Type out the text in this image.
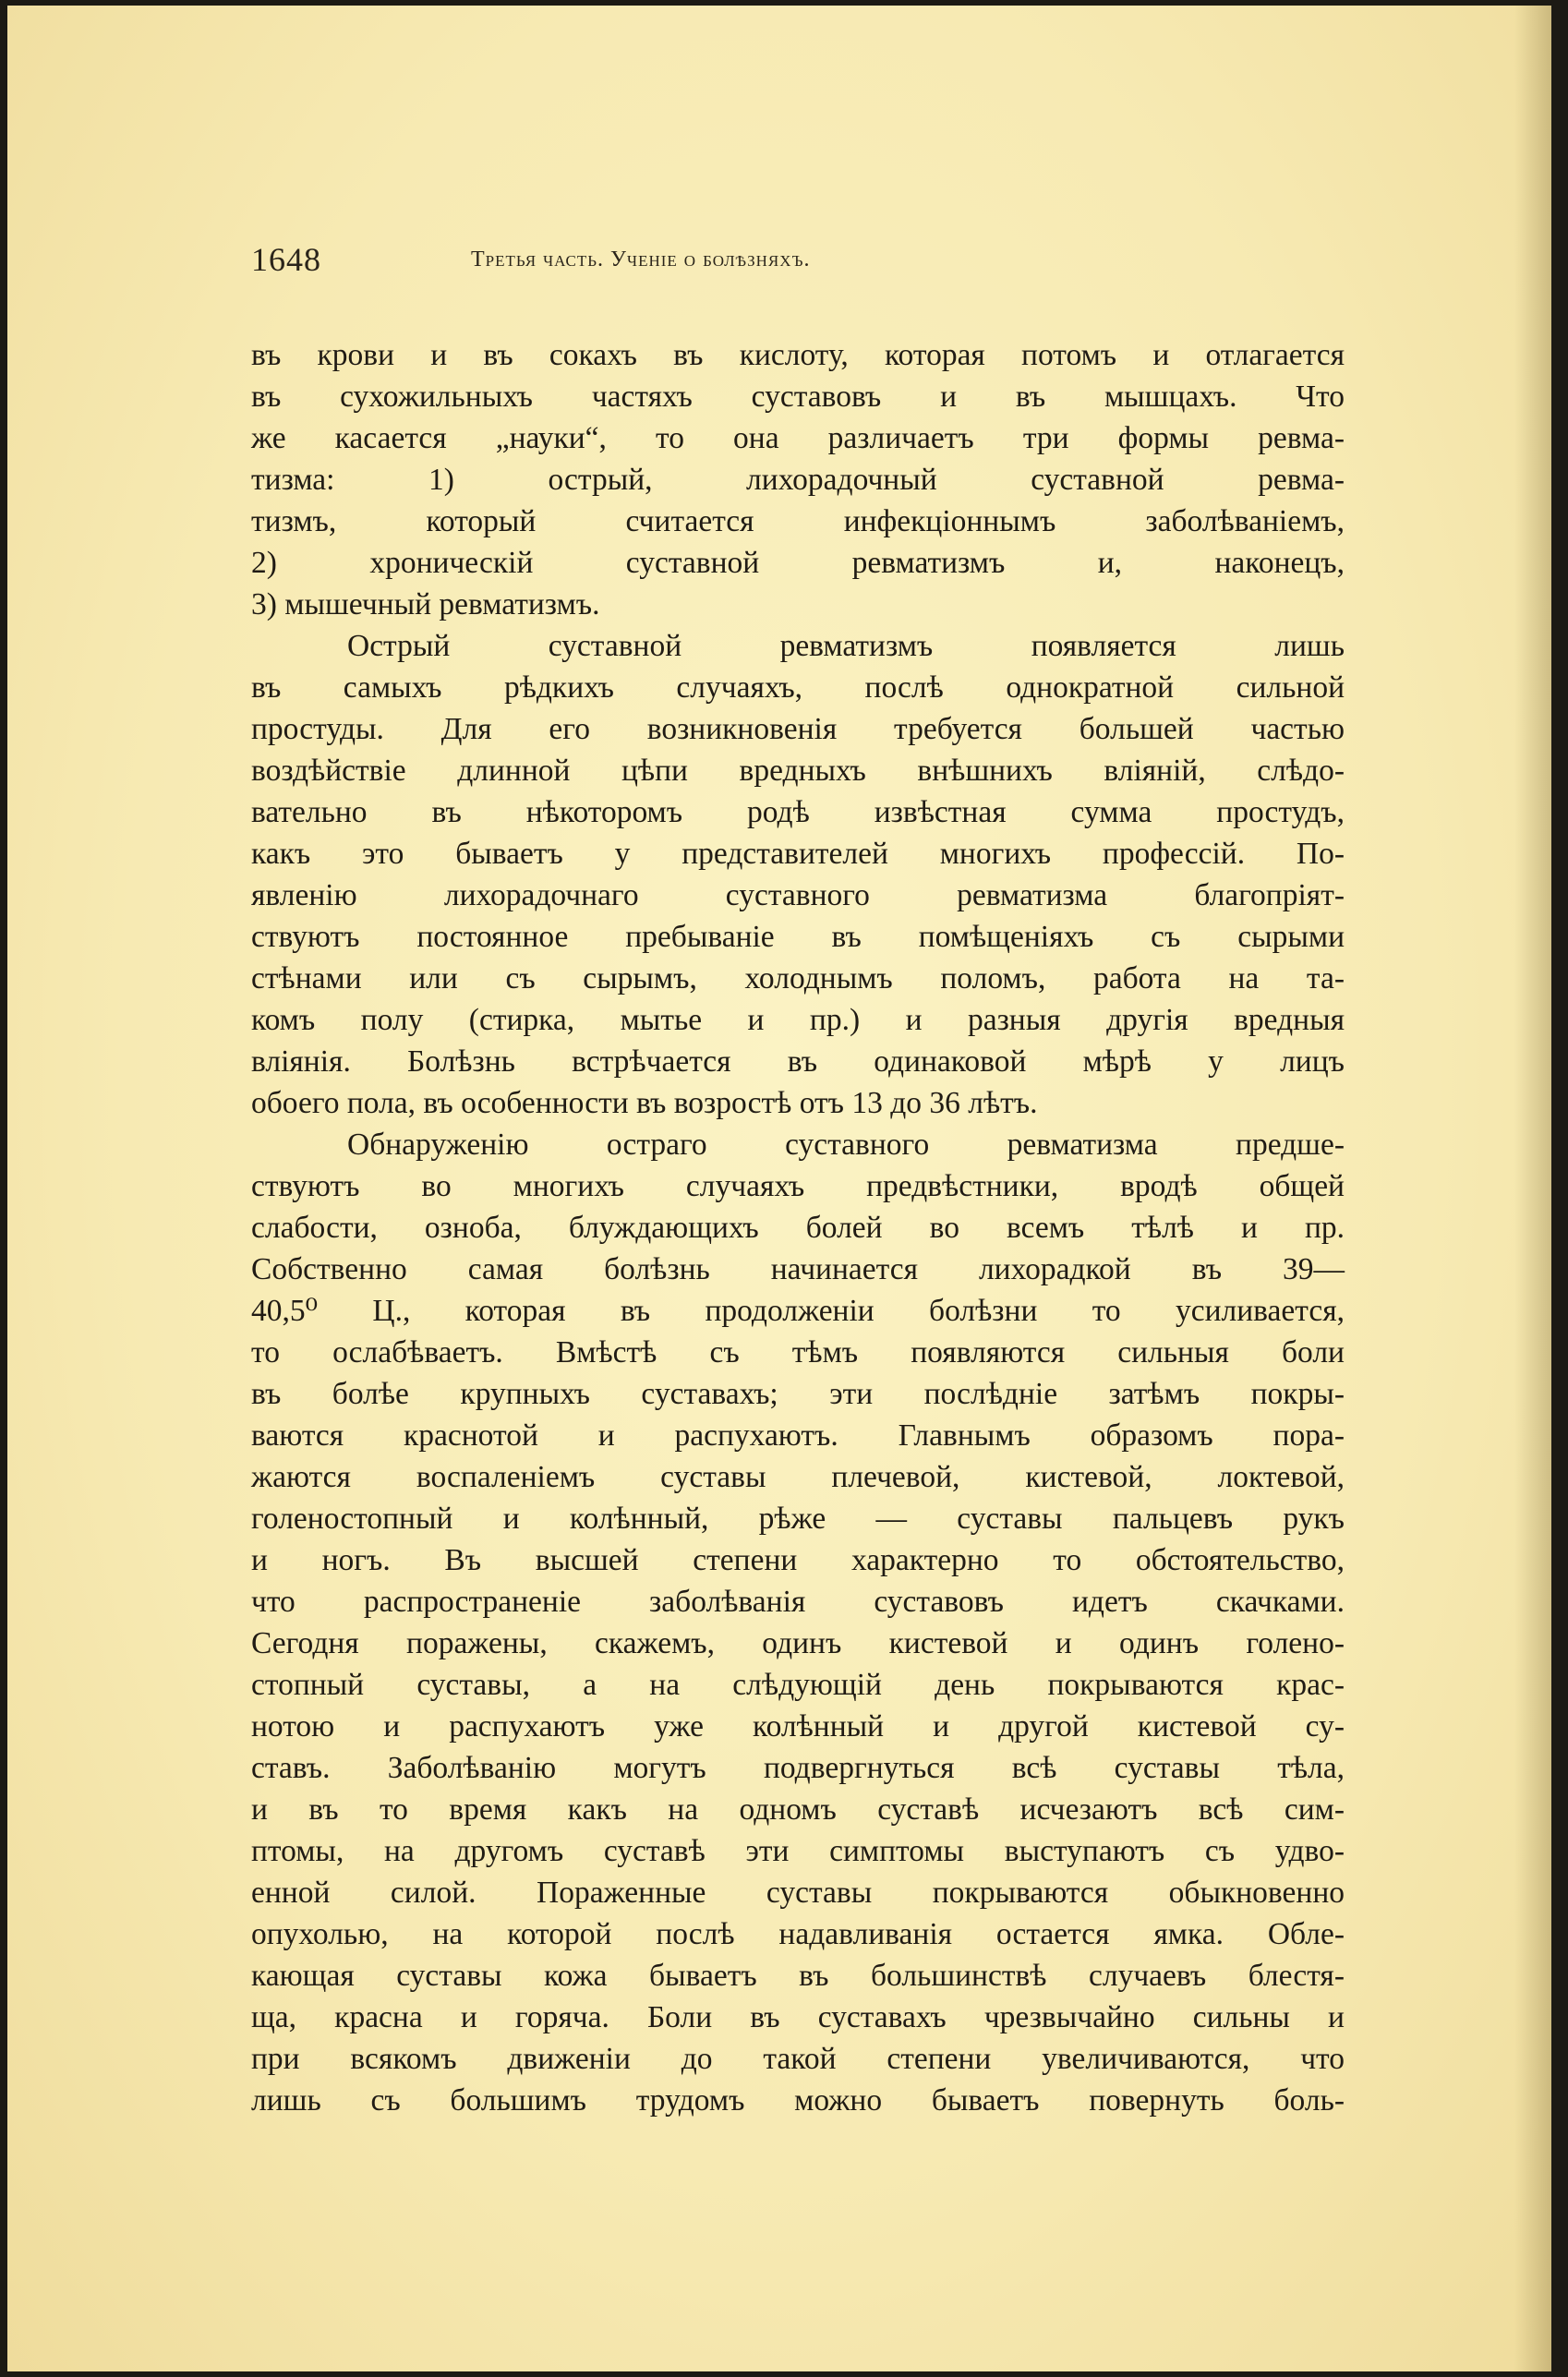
1648	Третья часть. Ученіе о болѣзняхъ.
въ крови и въ сокахъ въ кислоту, которая потомъ и отлагается
въ сухожильныхъ частяхъ суставовъ и въ мышцахъ. Что
же касается „науки“, то она различаетъ три формы ревма-
тизма: 1) острый, лихорадочный суставной ревма-
тизмъ, который считается инфекціоннымъ заболѣваніемъ,
2) хроническій суставной ревматизмъ и, наконецъ,
3) мышечный ревматизмъ.
Острый суставной ревматизмъ появляется лишь
въ самыхъ рѣдкихъ случаяхъ, послѣ однократной сильной
простуды. Для его возникновенія требуется большей частью
воздѣйствіе длинной цѣпи вредныхъ внѣшнихъ вліяній, слѣдо-
вательно въ нѣкоторомъ родѣ извѣстная сумма простудъ,
какъ это бываетъ у представителей многихъ профессій. По-
явленію лихорадочнаго суставного ревматизма благопріят-
ствуютъ постоянное пребываніе въ помѣщеніяхъ съ сырыми
стѣнами или съ сырымъ, холоднымъ поломъ, работа на та-
комъ полу (стирка, мытье и пр.) и разныя другія вредныя
вліянія. Болѣзнь встрѣчается въ одинаковой мѣрѣ у лицъ
обоего пола, въ особенности въ возростѣ отъ 13 до 36 лѣтъ.
Обнаруженію остраго суставного ревматизма предше-
ствуютъ во многихъ случаяхъ предвѣстники, вродѣ общей
слабости, озноба, блуждающихъ болей во всемъ тѣлѣ и пр.
Собственно самая болѣзнь начинается лихорадкой въ 39—
40,5⁰ Ц., которая въ продолженіи болѣзни то усиливается,
то ослабѣваетъ. Вмѣстѣ съ тѣмъ появляются сильныя боли
въ болѣе крупныхъ суставахъ; эти послѣдніе затѣмъ покры-
ваются краснотой и распухаютъ. Главнымъ образомъ пора-
жаются воспаленіемъ суставы плечевой, кистевой, локтевой,
голеностопный и колѣнный, рѣже — суставы пальцевъ рукъ
и ногъ. Въ высшей степени характерно то обстоятельство,
что распространеніе заболѣванія суставовъ идетъ скачками.
Сегодня поражены, скажемъ, одинъ кистевой и одинъ голено-
стопный суставы, а на слѣдующій день покрываются крас-
нотою и распухаютъ уже колѣнный и другой кистевой су-
ставъ. Заболѣванію могутъ подвергнуться всѣ суставы тѣла,
и въ то время какъ на одномъ суставѣ исчезаютъ всѣ сим-
птомы, на другомъ суставѣ эти симптомы выступаютъ съ удво-
енной силой. Пораженные суставы покрываются обыкновенно
опухолью, на которой послѣ надавливанія остается ямка. Обле-
кающая суставы кожа бываетъ въ большинствѣ случаевъ блестя-
ща, красна и горяча. Боли въ суставахъ чрезвычайно сильны и
при всякомъ движеніи до такой степени увеличиваются, что
лишь съ большимъ трудомъ можно бываетъ повернуть боль-
